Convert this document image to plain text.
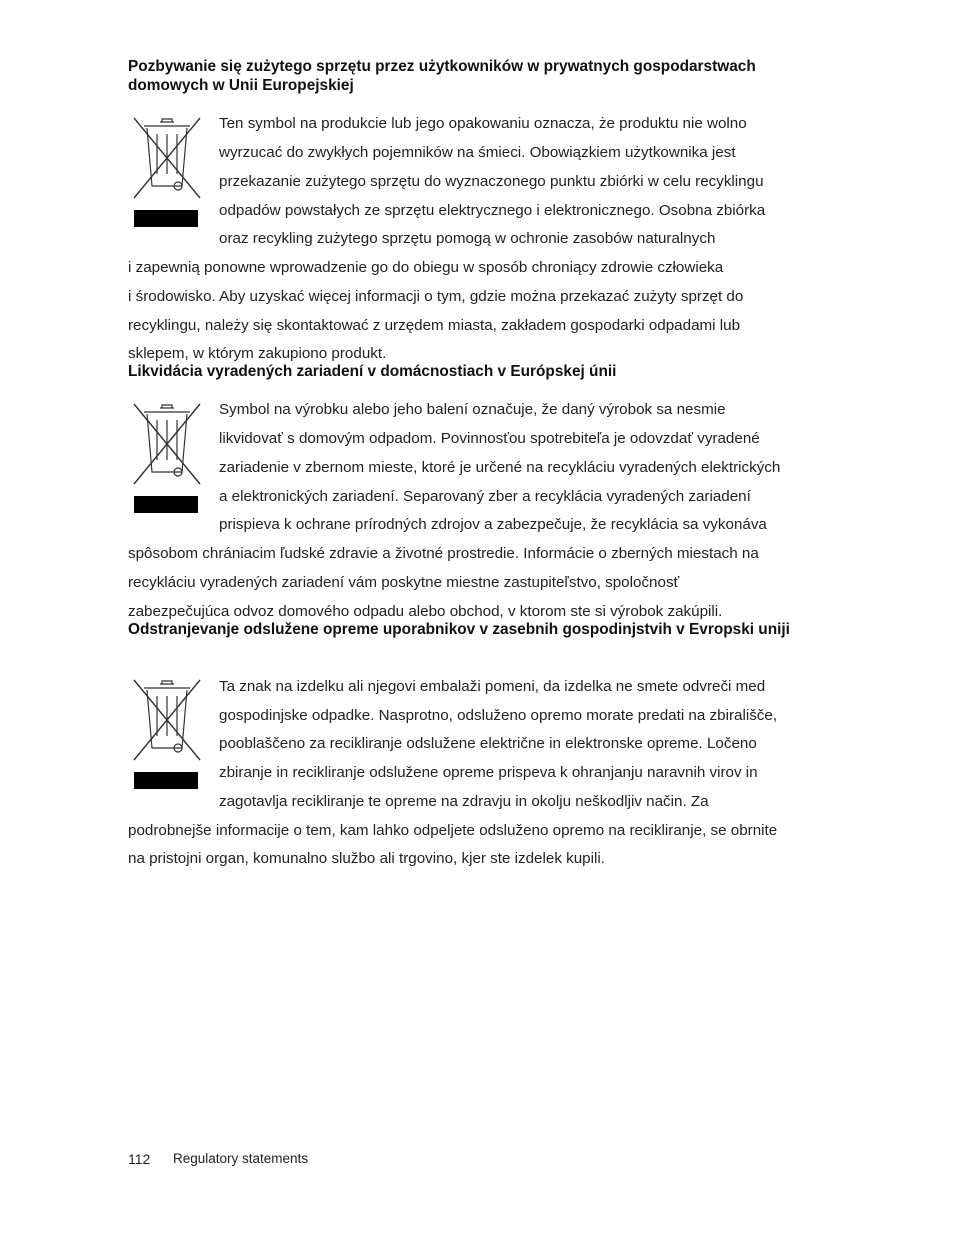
Pozbywanie się zużytego sprzętu przez użytkowników w prywatnych gospodarstwach domowych w Unii Europejskiej

Ten symbol na produkcie lub jego opakowaniu oznacza, że produktu nie wolno
wyrzucać do zwykłych pojemników na śmieci. Obowiązkiem użytkownika jest
przekazanie zużytego sprzętu do wyznaczonego punktu zbiórki w celu recyklingu
odpadów powstałych ze sprzętu elektrycznego i elektronicznego. Osobna zbiórka
oraz recykling zużytego sprzętu pomogą w ochronie zasobów naturalnych
i zapewnią ponowne wprowadzenie go do obiegu w sposób chroniący zdrowie człowieka
i środowisko. Aby uzyskać więcej informacji o tym, gdzie można przekazać zużyty sprzęt do
recyklingu, należy się skontaktować z urzędem miasta, zakładem gospodarki odpadami lub
sklepem, w którym zakupiono produkt.

Likvidácia vyradených zariadení v domácnostiach v Európskej únii

Symbol na výrobku alebo jeho balení označuje, že daný výrobok sa nesmie
likvidovať s domovým odpadom. Povinnosťou spotrebiteľa je odovzdať vyradené
zariadenie v zbernom mieste, ktoré je určené na recykláciu vyradených elektrických
a elektronických zariadení. Separovaný zber a recyklácia vyradených zariadení
prispieva k ochrane prírodných zdrojov a zabezpečuje, že recyklácia sa vykonáva
spôsobom chrániacim ľudské zdravie a životné prostredie. Informácie o zberných miestach na
recykláciu vyradených zariadení vám poskytne miestne zastupiteľstvo, spoločnosť
zabezpečujúca odvoz domového odpadu alebo obchod, v ktorom ste si výrobok zakúpili.

Odstranjevanje odslužene opreme uporabnikov v zasebnih gospodinjstvih v Evropski uniji

Ta znak na izdelku ali njegovi embalaži pomeni, da izdelka ne smete odvreči med
gospodinjske odpadke. Nasprotno, odsluženo opremo morate predati na zbirališče,
pooblaščeno za recikliranje odslužene električne in elektronske opreme. Ločeno
zbiranje in recikliranje odslužene opreme prispeva k ohranjanju naravnih virov in
zagotavlja recikliranje te opreme na zdravju in okolju neškodljiv način. Za
podrobnejše informacije o tem, kam lahko odpeljete odsluženo opremo na recikliranje, se obrnite
na pristojni organ, komunalno službo ali trgovino, kjer ste izdelek kupili.
112 Regulatory statements
